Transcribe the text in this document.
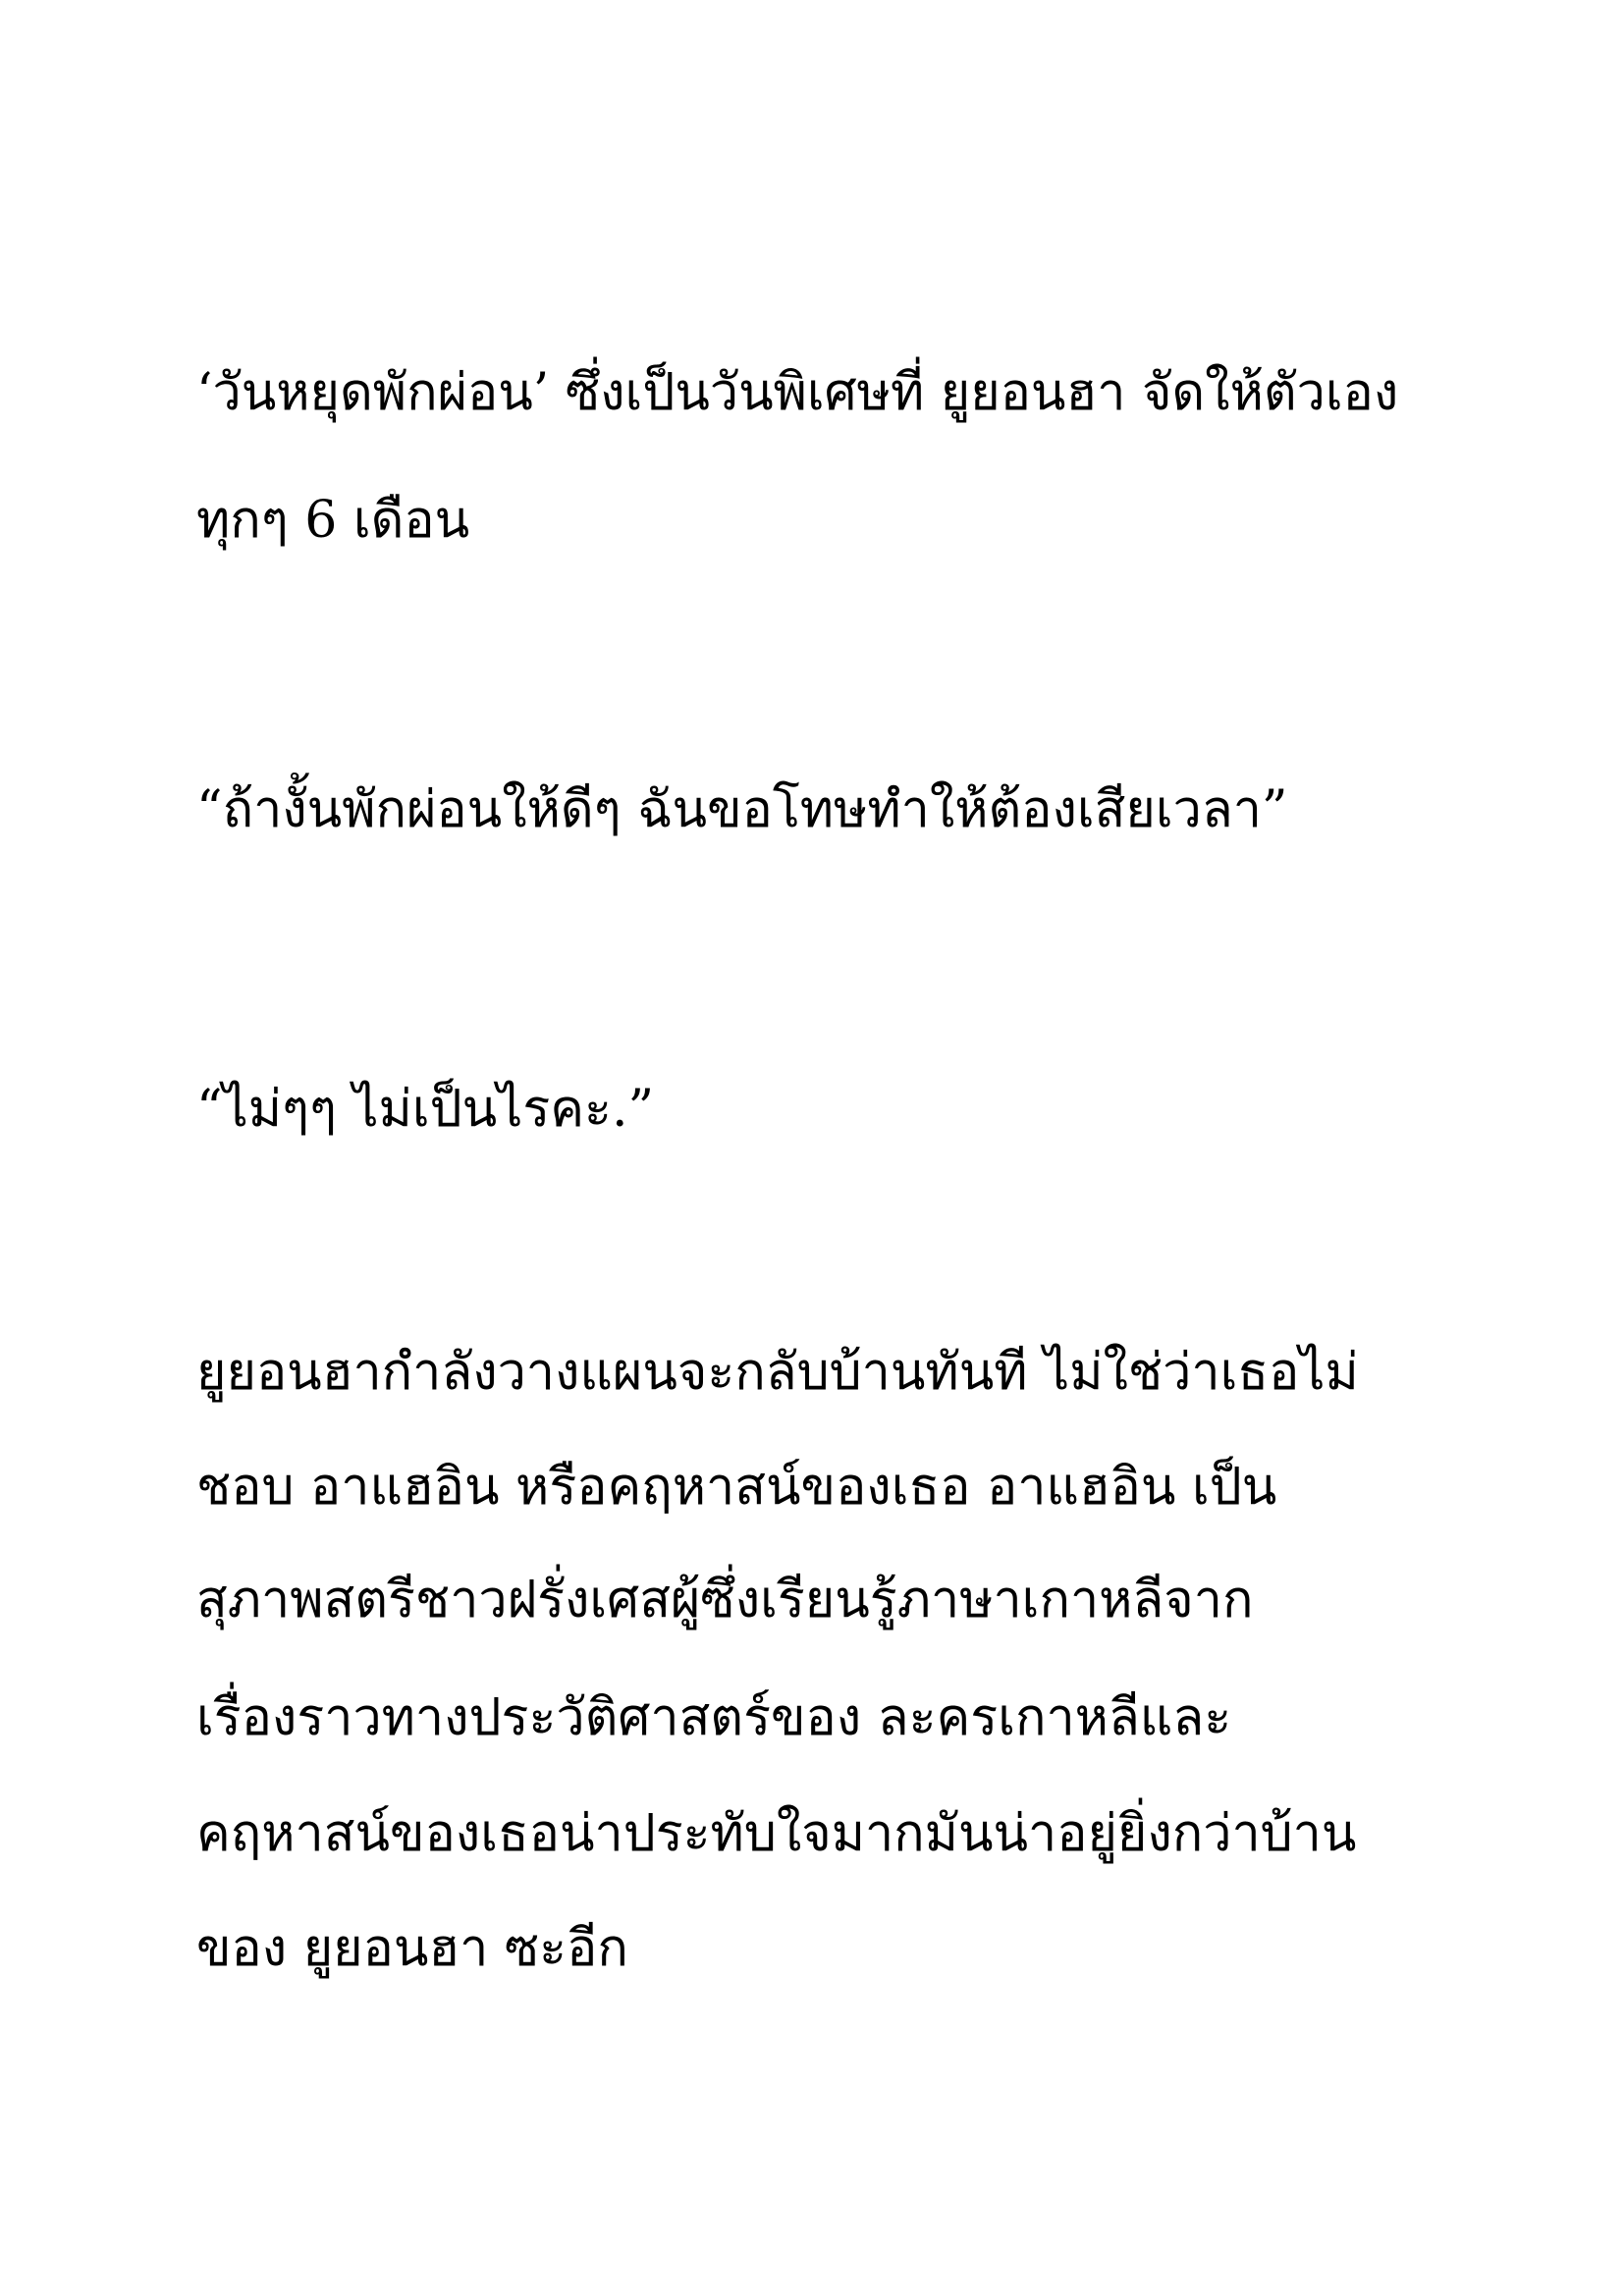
‘วันหยุดพักผ่อน’ ซึ่งเป็นวันพิเศษที่ ยูยอนฮา จัดให้ตัวเอง
ทุกๆ 6 เดือน
“ถ้างั้นพักผ่อนให้ดีๆ ฉันขอโทษทำให้ต้องเสียเวลา”
“ไม่ๆๆ ไม่เป็นไรคะ.”
ยูยอนฮากำลังวางแผนจะกลับบ้านทันที ไม่ใช่ว่าเธอไม่
ชอบ อาแฮอิน หรือคฤหาสน์ของเธอ อาแฮอิน เป็น
สุภาพสตรีชาวฝรั่งเศสผู้ซึ่งเรียนรู้ภาษาเกาหลีจาก
เรื่องราวทางประวัติศาสตร์ของ ละครเกาหลีและ
คฤหาสน์ของเธอน่าประทับใจมากมันน่าอยู่ยิ่งกว่าบ้าน
ของ ยูยอนฮา ซะอีก
